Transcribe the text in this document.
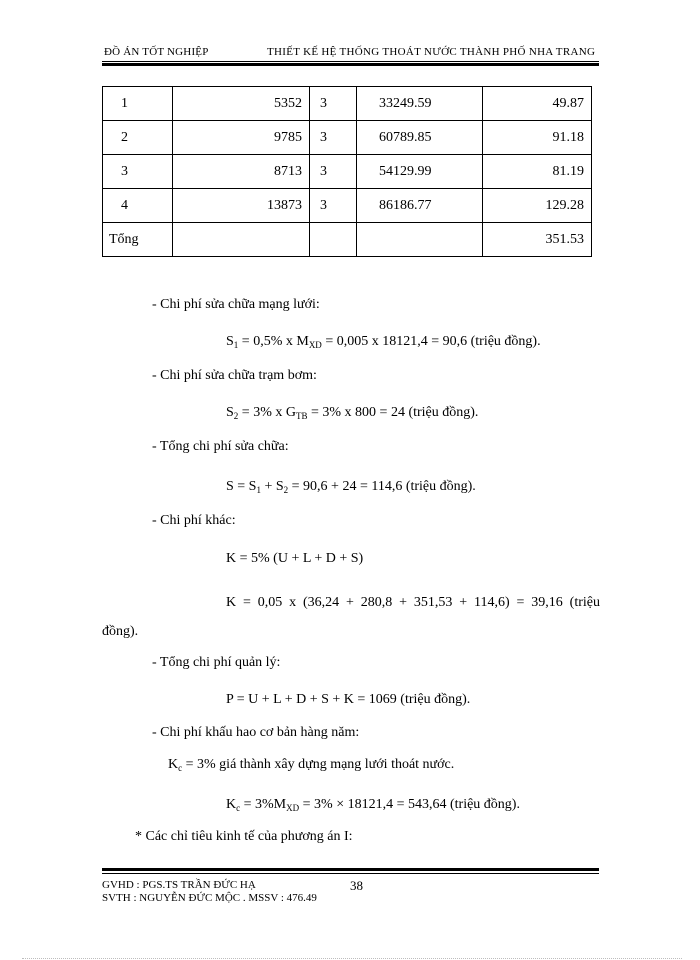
ĐỒ ÁN TỐT NGHIỆP	THIẾT KẾ HỆ THỐNG THOÁT NƯỚC THÀNH PHỐ NHA TRANG
1	5352	3	33249.59	49.87
2	9785	3	60789.85	91.18
3	8713	3	54129.99	81.19
4	13873	3	86186.77	129.28
Tổng				351.53
- Chi phí sửa chữa mạng lưới:
$S_1 = 0,5\%$ x $M_{XD} = 0,005$ x 18121,4 = 90,6 (triệu đồng).
- Chi phí sửa chữa trạm bơm:
$S_2 = 3\%$ x $G_{TB} = 3\%$ x 800 = 24 (triệu đồng).
- Tổng chi phí sửa chữa:
$S = S_1 + S_2 = 90,6 + 24 = 114,6$ (triệu đồng).
- Chi phí khác:
K = 5% (U + L + D + S)
K = 0,05 x (36,24 + 280,8 + 351,53 + 114,6) = 39,16 (triệu
đồng).
- Tổng chi phí quản lý:
P = U + L + D + S + K = 1069 (triệu đồng).
- Chi phí khấu hao cơ bản hàng năm:
$K_c = 3\%$ giá thành xây dựng mạng lưới thoát nước.
$K_c = 3\%M_{XD} = 3\% \times 18121,4 = 543,64$ (triệu đồng).
* Các chỉ tiêu kinh tế của phương án I:
GVHD : PGS.TS TRẦN ĐỨC HẠ
SVTH : NGUYỄN ĐỨC MỘC . MSSV : 476.49
38
